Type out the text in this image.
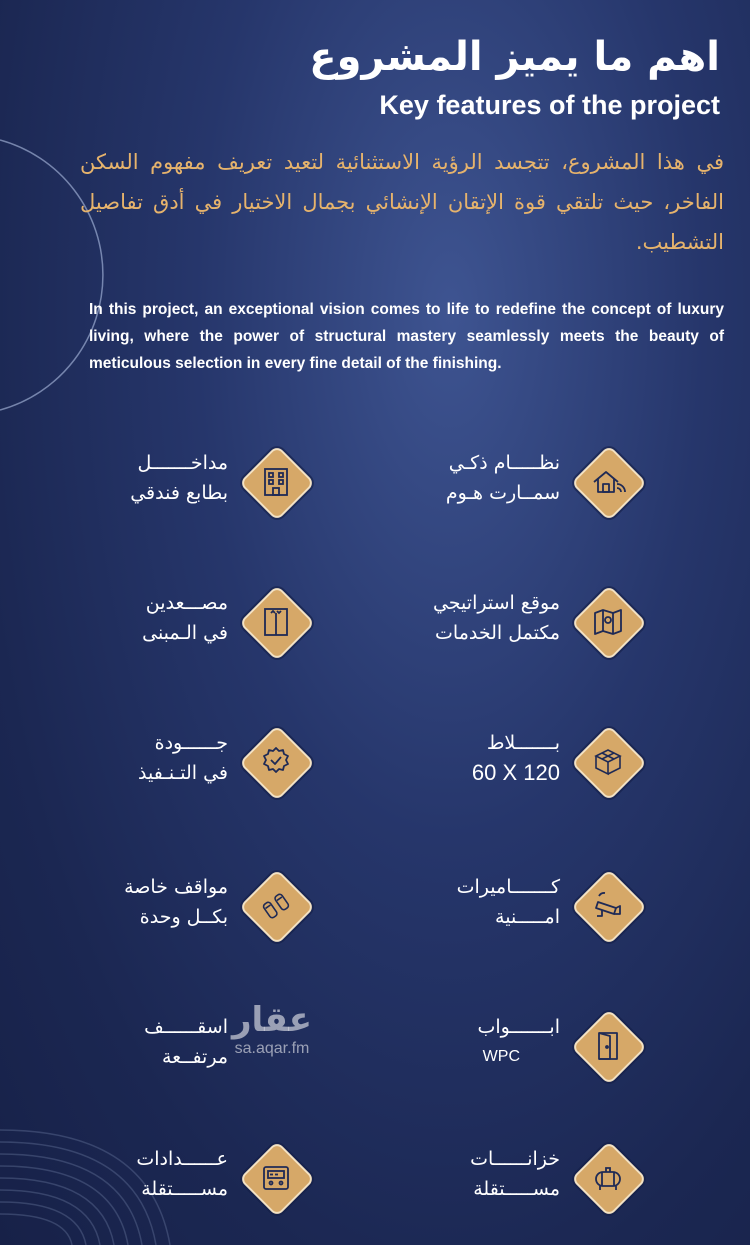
اهم ما يميز المشروع
Key features of the project

في هذا المشروع، تتجسد الرؤية الاستثنائية لتعيد تعريف مفهوم السكن الفاخر، حيث تلتقي قوة الإتقان الإنشائي بجمال الاختيار في أدق تفاصيل التشطيب.

In this project, an exceptional vision comes to life to redefine the concept of luxury living, where the power of structural mastery seamlessly meets the beauty of meticulous selection in every fine detail of the finishing.

نظـــــام ذكـي
سمــارت هـوم
مداخـــــــل
بطابع فندقي
موقع استراتيجي
مكتمل الخدمات
مصـــعدين
في الـمبنى
بـــــــلاط
60 X 120
جــــــودة
في التـنـفيذ
كـــــــاميرات
امـــــنية
مواقف خاصة
بكــل وحدة
ابـــــــواب
WPC
اسقــــــف
مرتفــعة
خزانــــــات
مســـــتقلة
عــــــدادات
مســـــتقلة
عقار
sa.aqar.fm
